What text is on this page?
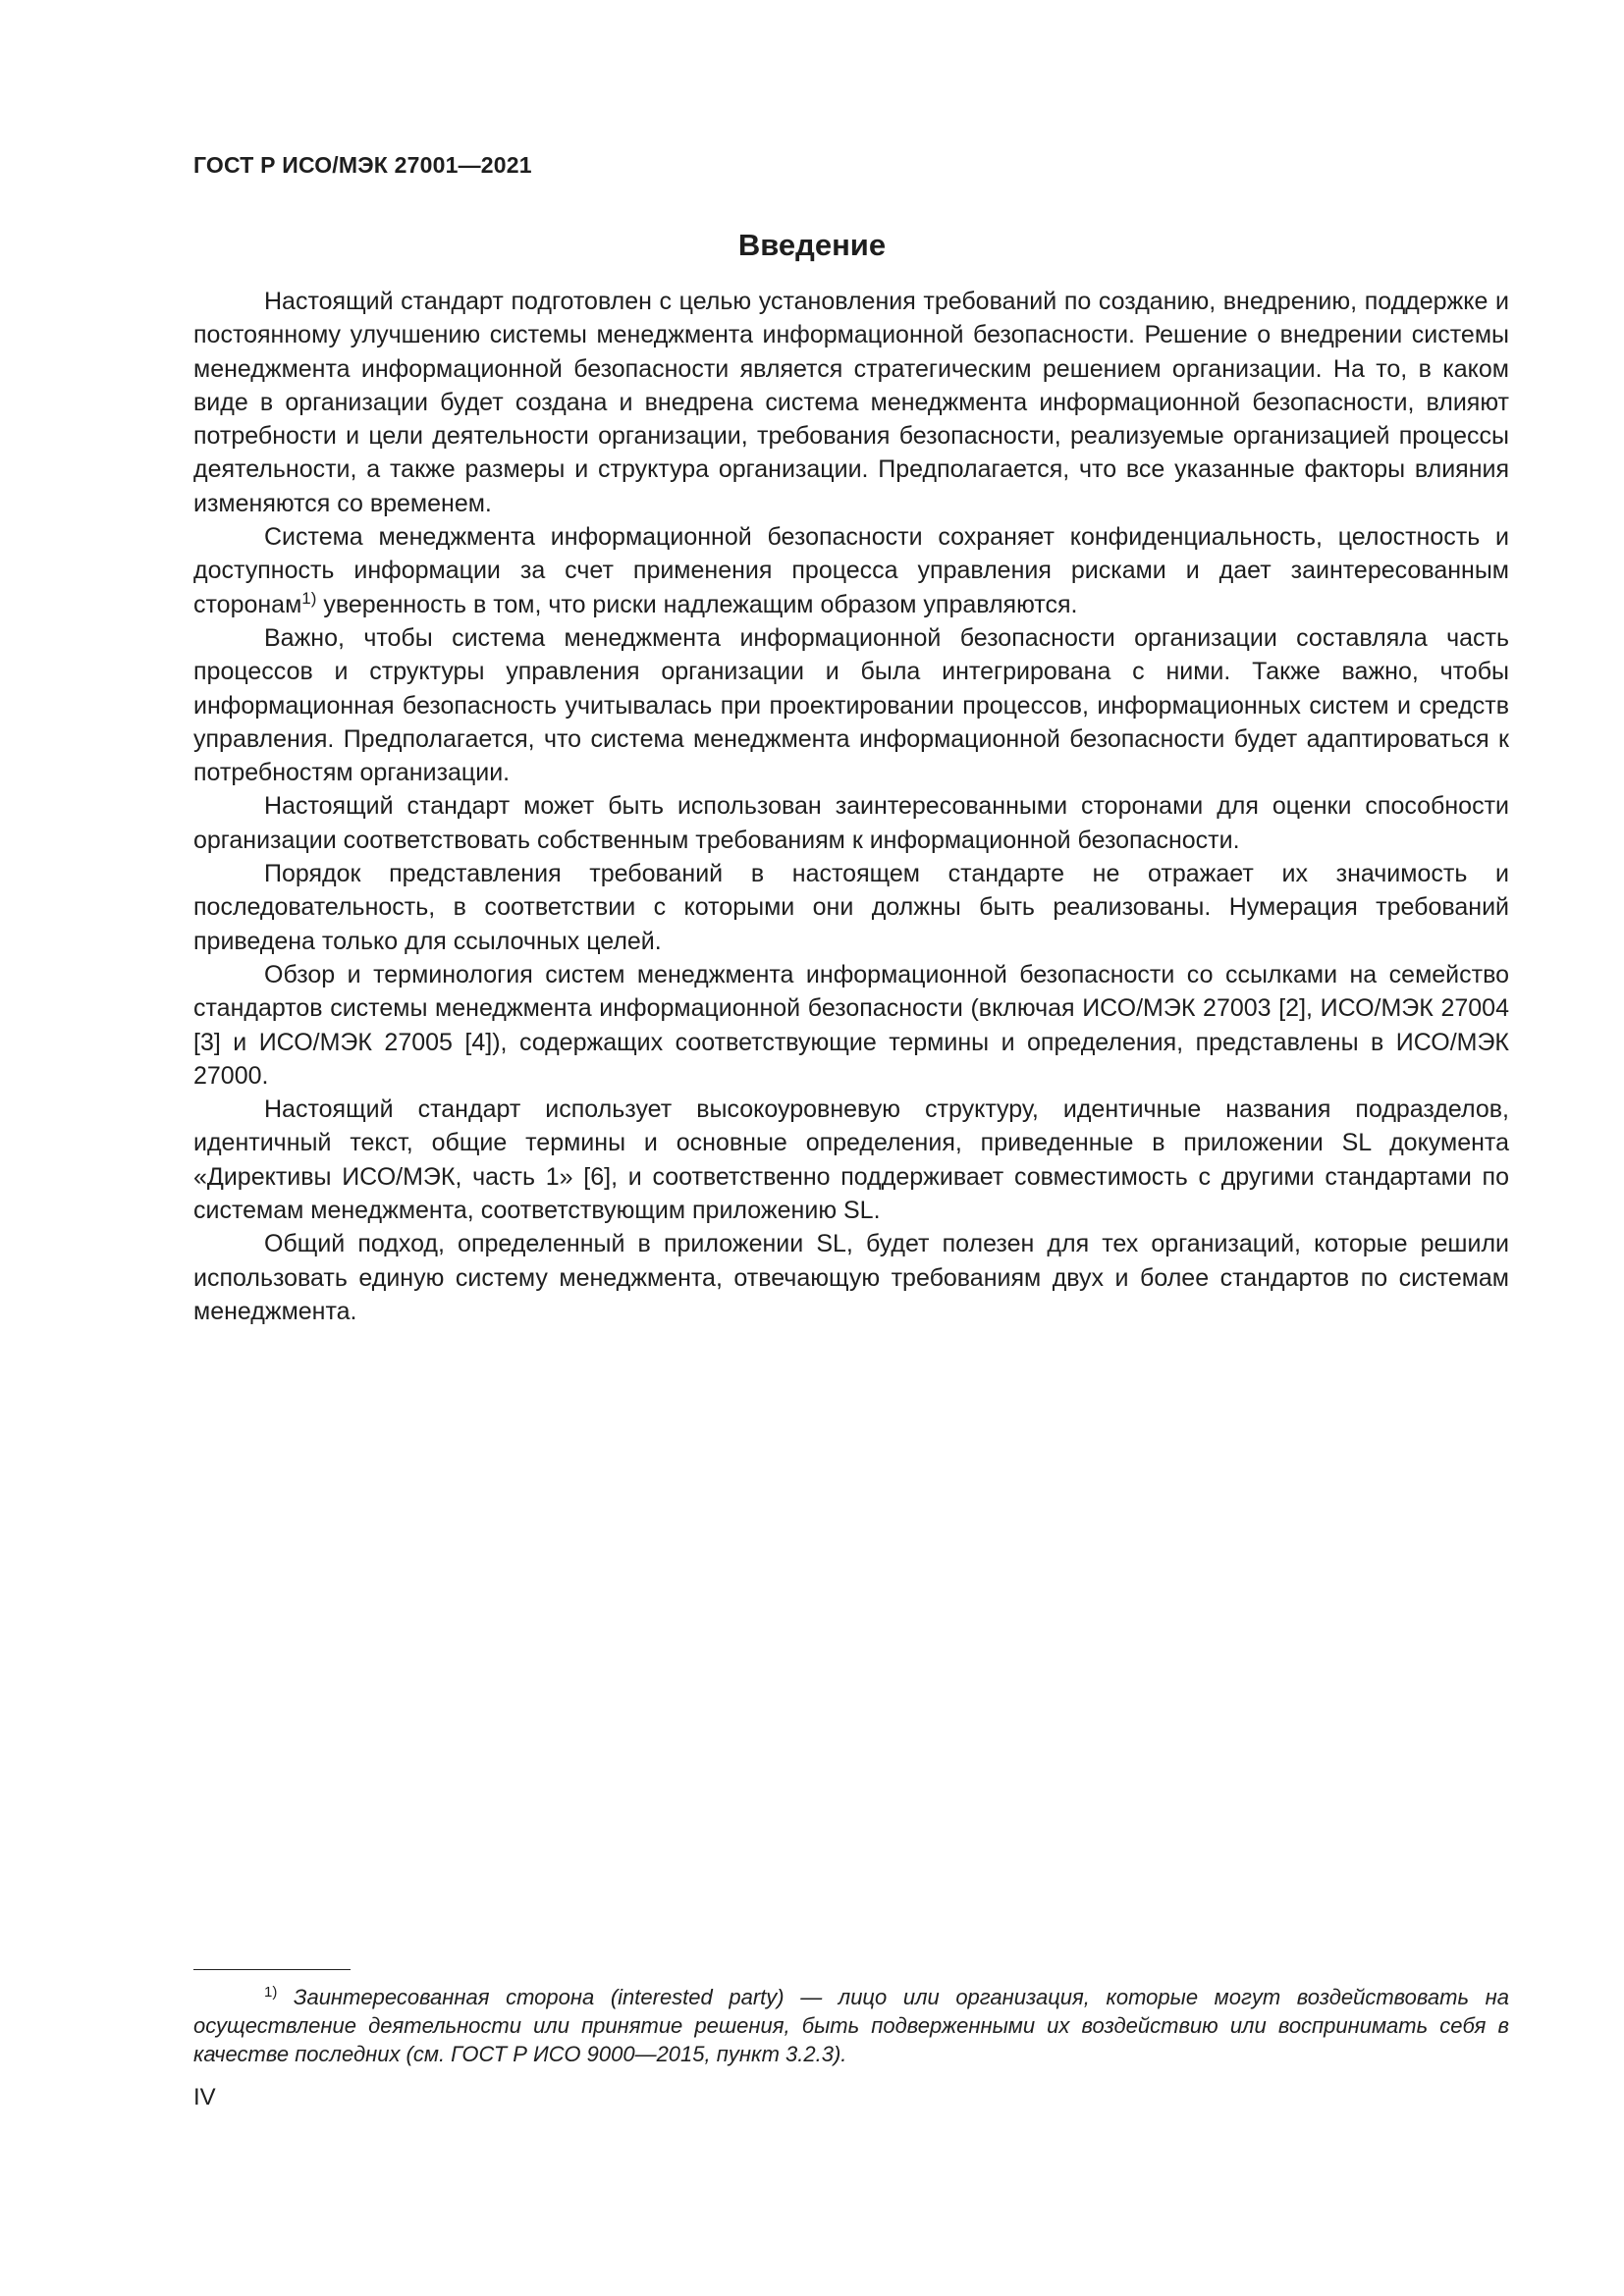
ГОСТ Р ИСО/МЭК 27001—2021
Введение

Настоящий стандарт подготовлен с целью установления требований по созданию, внедрению, поддержке и постоянному улучшению системы менеджмента информационной безопасности. Решение о внедрении системы менеджмента информационной безопасности является стратегическим решением организации. На то, в каком виде в организации будет создана и внедрена система менеджмента информационной безопасности, влияют потребности и цели деятельности организации, требования безопасности, реализуемые организацией процессы деятельности, а также размеры и структура организации. Предполагается, что все указанные факторы влияния изменяются со временем.

Система менеджмента информационной безопасности сохраняет конфиденциальность, целостность и доступность информации за счет применения процесса управления рисками и дает заинтересованным сторонам$^{1)}$ уверенность в том, что риски надлежащим образом управляются.

Важно, чтобы система менеджмента информационной безопасности организации составляла часть процессов и структуры управления организации и была интегрирована с ними. Также важно, чтобы информационная безопасность учитывалась при проектировании процессов, информационных систем и средств управления. Предполагается, что система менеджмента информационной безопасности будет адаптироваться к потребностям организации.

Настоящий стандарт может быть использован заинтересованными сторонами для оценки способности организации соответствовать собственным требованиям к информационной безопасности.

Порядок представления требований в настоящем стандарте не отражает их значимость и последовательность, в соответствии с которыми они должны быть реализованы. Нумерация требований приведена только для ссылочных целей.

Обзор и терминология систем менеджмента информационной безопасности со ссылками на семейство стандартов системы менеджмента информационной безопасности (включая ИСО/МЭК 27003 [2], ИСО/МЭК 27004 [3] и ИСО/МЭК 27005 [4]), содержащих соответствующие термины и определения, представлены в ИСО/МЭК 27000.

Настоящий стандарт использует высокоуровневую структуру, идентичные названия подразделов, идентичный текст, общие термины и основные определения, приведенные в приложении SL документа «Директивы ИСО/МЭК, часть 1» [6], и соответственно поддерживает совместимость с другими стандартами по системам менеджмента, соответствующим приложению SL.

Общий подход, определенный в приложении SL, будет полезен для тех организаций, которые решили использовать единую систему менеджмента, отвечающую требованиям двух и более стандартов по системам менеджмента.

$^{1)}$ Заинтересованная сторона (interested party) — лицо или организация, которые могут воздействовать на осуществление деятельности или принятие решения, быть подверженными их воздействию или воспринимать себя в качестве последних (см. ГОСТ Р ИСО 9000—2015, пункт 3.2.3).

IV
